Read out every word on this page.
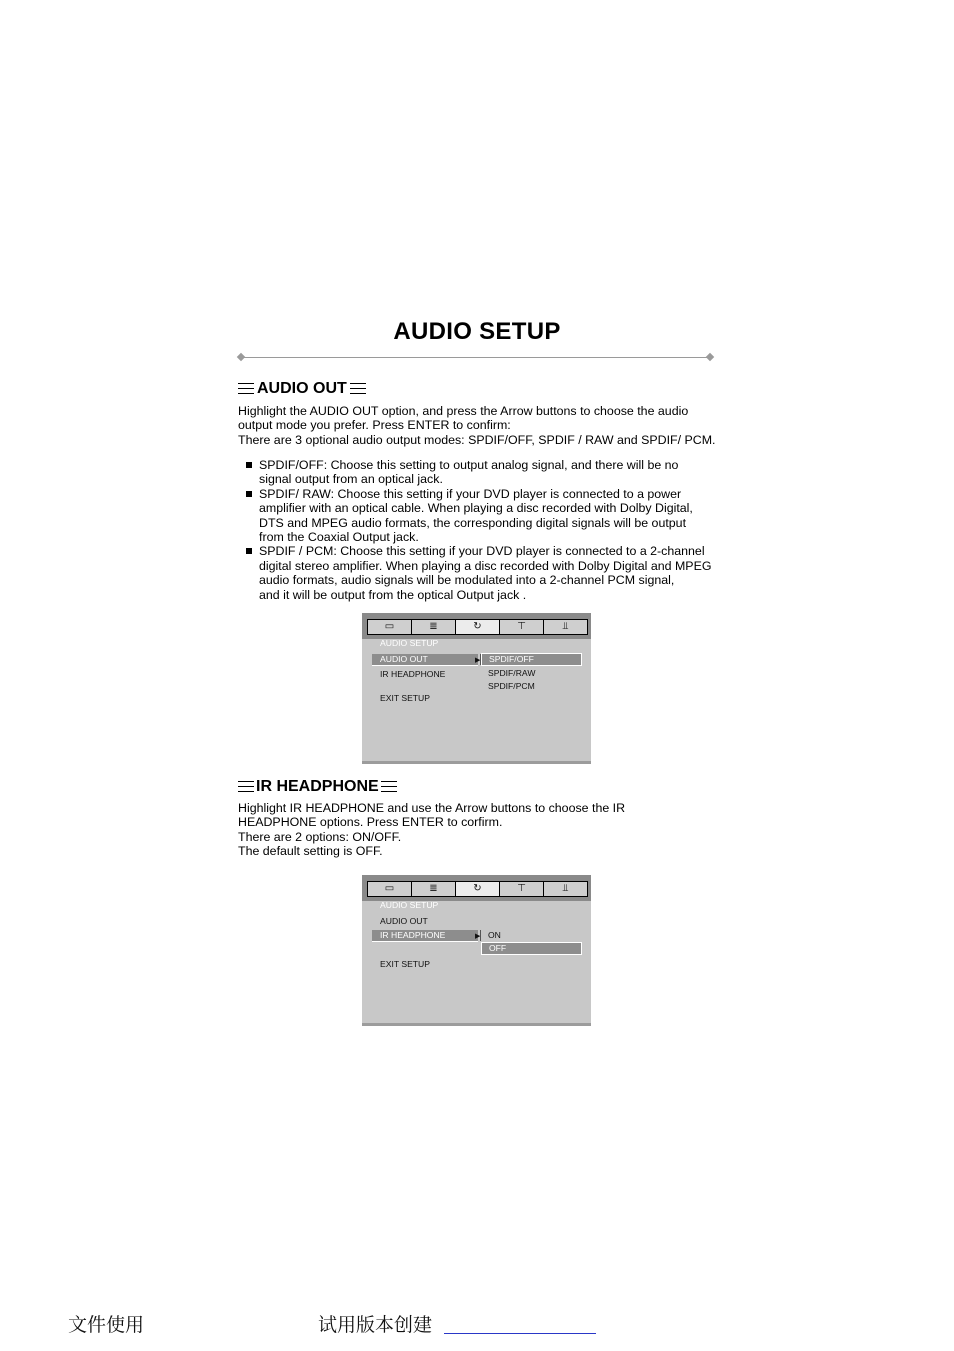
AUDIO SETUP
AUDIO OUT

Highlight the AUDIO OUT option, and press the Arrow buttons to choose the audio

output mode you prefer. Press ENTER to confirm:

There are 3 optional audio output modes: SPDIF/OFF, SPDIF / RAW and SPDIF/ PCM.

SPDIF/OFF: Choose this setting to output analog signal, and there will be no

signal output from an optical jack.

SPDIF/ RAW: Choose this setting if your DVD player is connected to a power

amplifier with an optical cable. When playing a disc recorded with Dolby Digital,

DTS and MPEG audio formats, the corresponding digital signals will be output

from the Coaxial Output jack.

SPDIF / PCM: Choose this setting if your DVD player is connected to a 2-channel

digital stereo amplifier. When playing a disc recorded with Dolby Digital and MPEG

audio formats, audio signals will be modulated into a 2-channel PCM signal,

and it will be output from the optical Output jack .

▭	≣	↻	⊤	⫫
AUDIO SETUP
AUDIO OUT	▶	SPDIF/OFF
IR HEADPHONE	SPDIF/RAW
SPDIF/PCM
EXIT SETUP
IR HEADPHONE

Highlight IR HEADPHONE and use the Arrow buttons to choose the IR

HEADPHONE options. Press ENTER to corfirm.

There are 2 options: ON/OFF.

The default setting is OFF.

▭	≣	↻	⊤	⫫
AUDIO SETUP
AUDIO OUT
IR HEADPHONE	▶ ON
OFF
EXIT SETUP
文件使用	试用版本创建
